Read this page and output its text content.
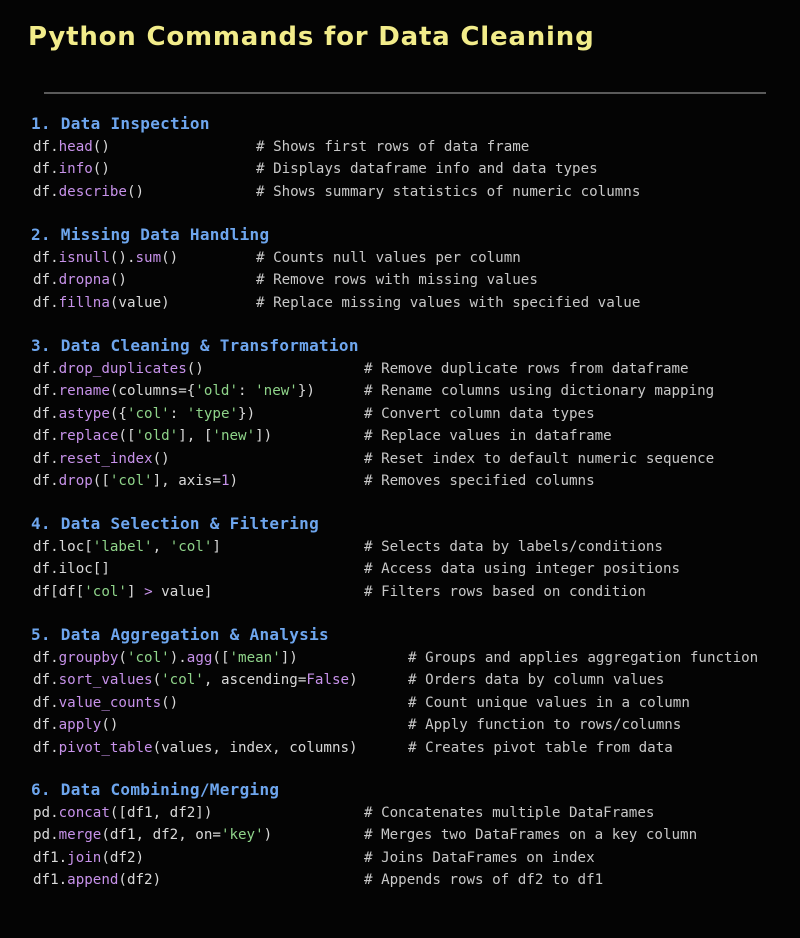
Python Commands for Data Cleaning
1. Data Inspection
df.head()	# Shows first rows of data frame
df.info()	# Displays dataframe info and data types
df.describe()	# Shows summary statistics of numeric columns
2. Missing Data Handling
df.isnull().sum()	# Counts null values per column
df.dropna()	# Remove rows with missing values
df.fillna(value)	# Replace missing values with specified value
3. Data Cleaning & Transformation
df.drop_duplicates()	# Remove duplicate rows from dataframe
df.rename(columns={'old': 'new'})	# Rename columns using dictionary mapping
df.astype({'col': 'type'})	# Convert column data types
df.replace(['old'], ['new'])	# Replace values in dataframe
df.reset_index()	# Reset index to default numeric sequence
df.drop(['col'], axis=1)	# Removes specified columns
4. Data Selection & Filtering
df.loc['label', 'col']	# Selects data by labels/conditions
df.iloc[]	# Access data using integer positions
df[df['col'] > value]	# Filters rows based on condition
5. Data Aggregation & Analysis
df.groupby('col').agg(['mean'])	# Groups and applies aggregation function
df.sort_values('col', ascending=False)	# Orders data by column values
df.value_counts()	# Count unique values in a column
df.apply()	# Apply function to rows/columns
df.pivot_table(values, index, columns)	# Creates pivot table from data
6. Data Combining/Merging
pd.concat([df1, df2])	# Concatenates multiple DataFrames
pd.merge(df1, df2, on='key')	# Merges two DataFrames on a key column
df1.join(df2)	# Joins DataFrames on index
df1.append(df2)	# Appends rows of df2 to df1
